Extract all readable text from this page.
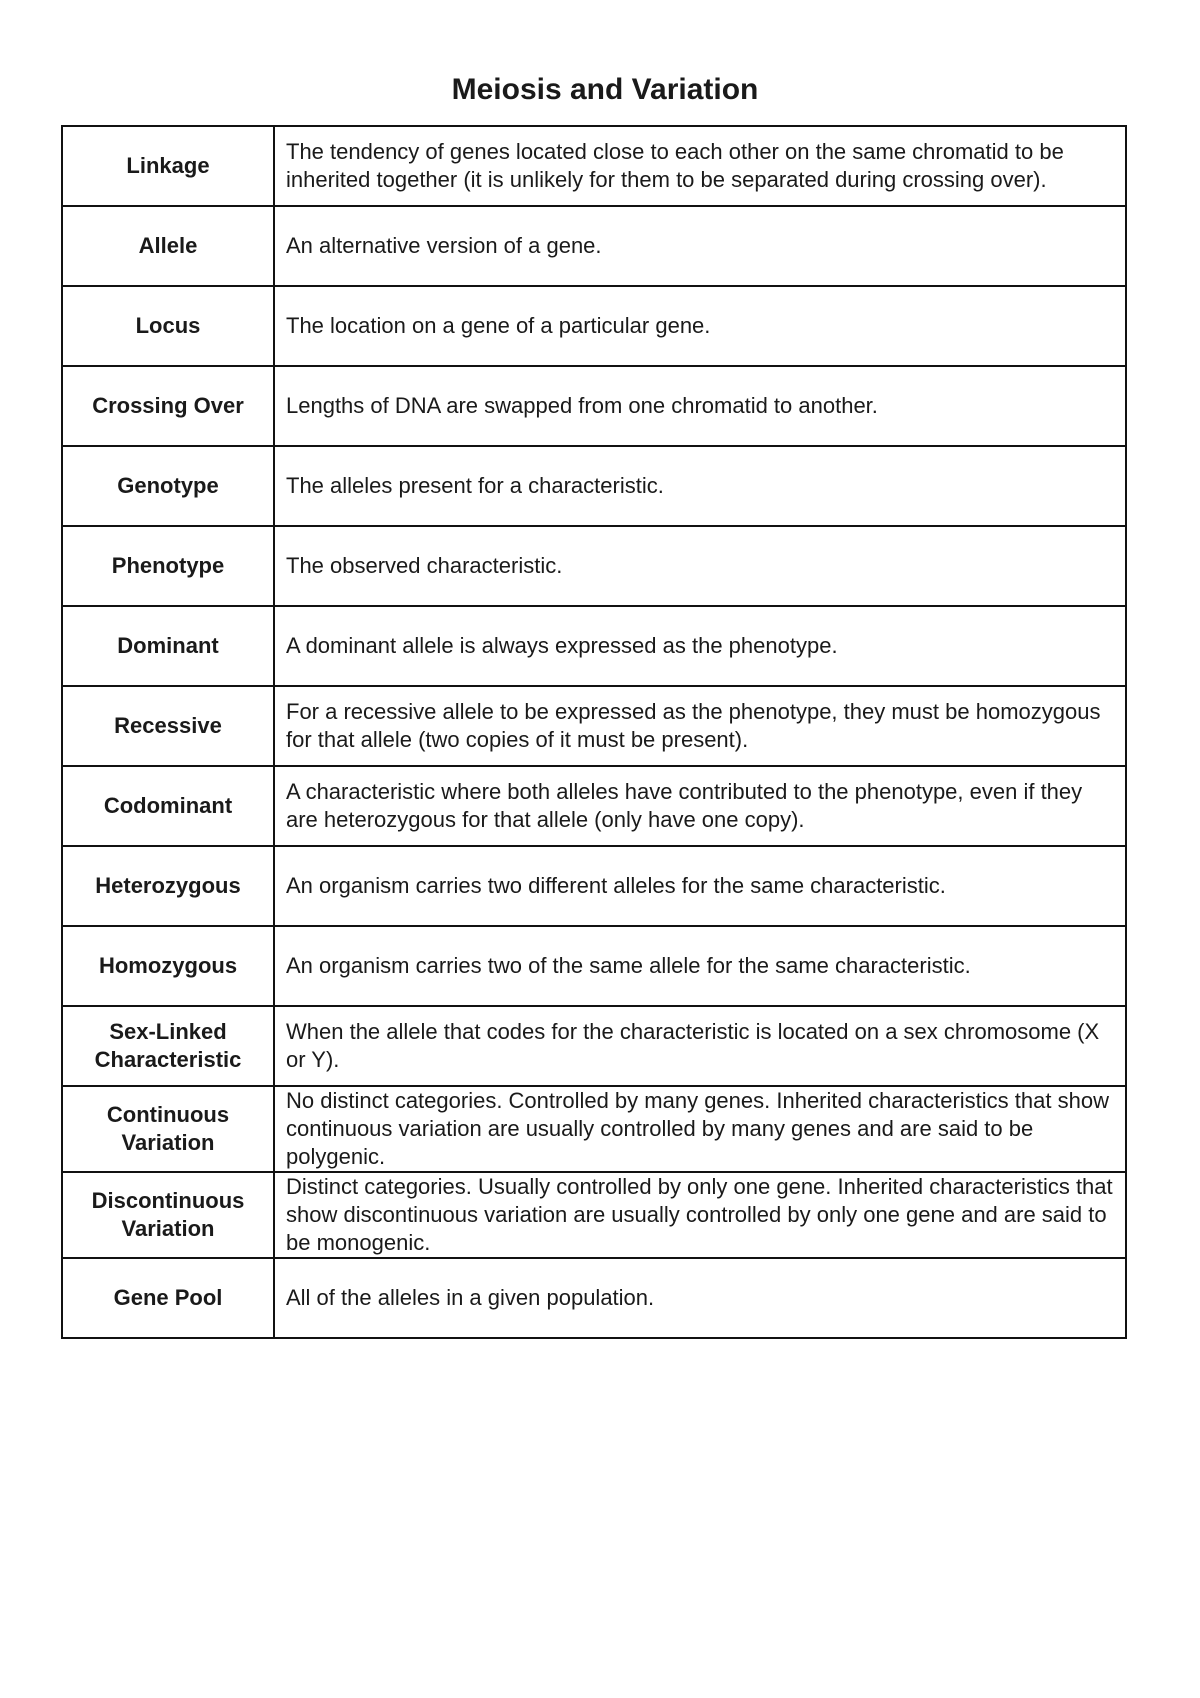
Meiosis and Variation
Linkage	The tendency of genes located close to each other on the same chromatid to be inherited together (it is unlikely for them to be separated during crossing over).
Allele	An alternative version of a gene.
Locus	The location on a gene of a particular gene.
Crossing Over	Lengths of DNA are swapped from one chromatid to another.
Genotype	The alleles present for a characteristic.
Phenotype	The observed characteristic.
Dominant	A dominant allele is always expressed as the phenotype.
Recessive	For a recessive allele to be expressed as the phenotype, they must be homozygous for that allele (two copies of it must be present).
Codominant	A characteristic where both alleles have contributed to the phenotype, even if they are heterozygous for that allele (only have one copy).
Heterozygous	An organism carries two different alleles for the same characteristic.
Homozygous	An organism carries two of the same allele for the same characteristic.
Sex-Linked Characteristic	When the allele that codes for the characteristic is located on a sex chromosome (X or Y).
Continuous Variation	No distinct categories. Controlled by many genes. Inherited characteristics that show continuous variation are usually controlled by many genes and are said to be polygenic.
Discontinuous Variation	Distinct categories. Usually controlled by only one gene. Inherited characteristics that show discontinuous variation are usually controlled by only one gene and are said to be monogenic.
Gene Pool	All of the alleles in a given population.
